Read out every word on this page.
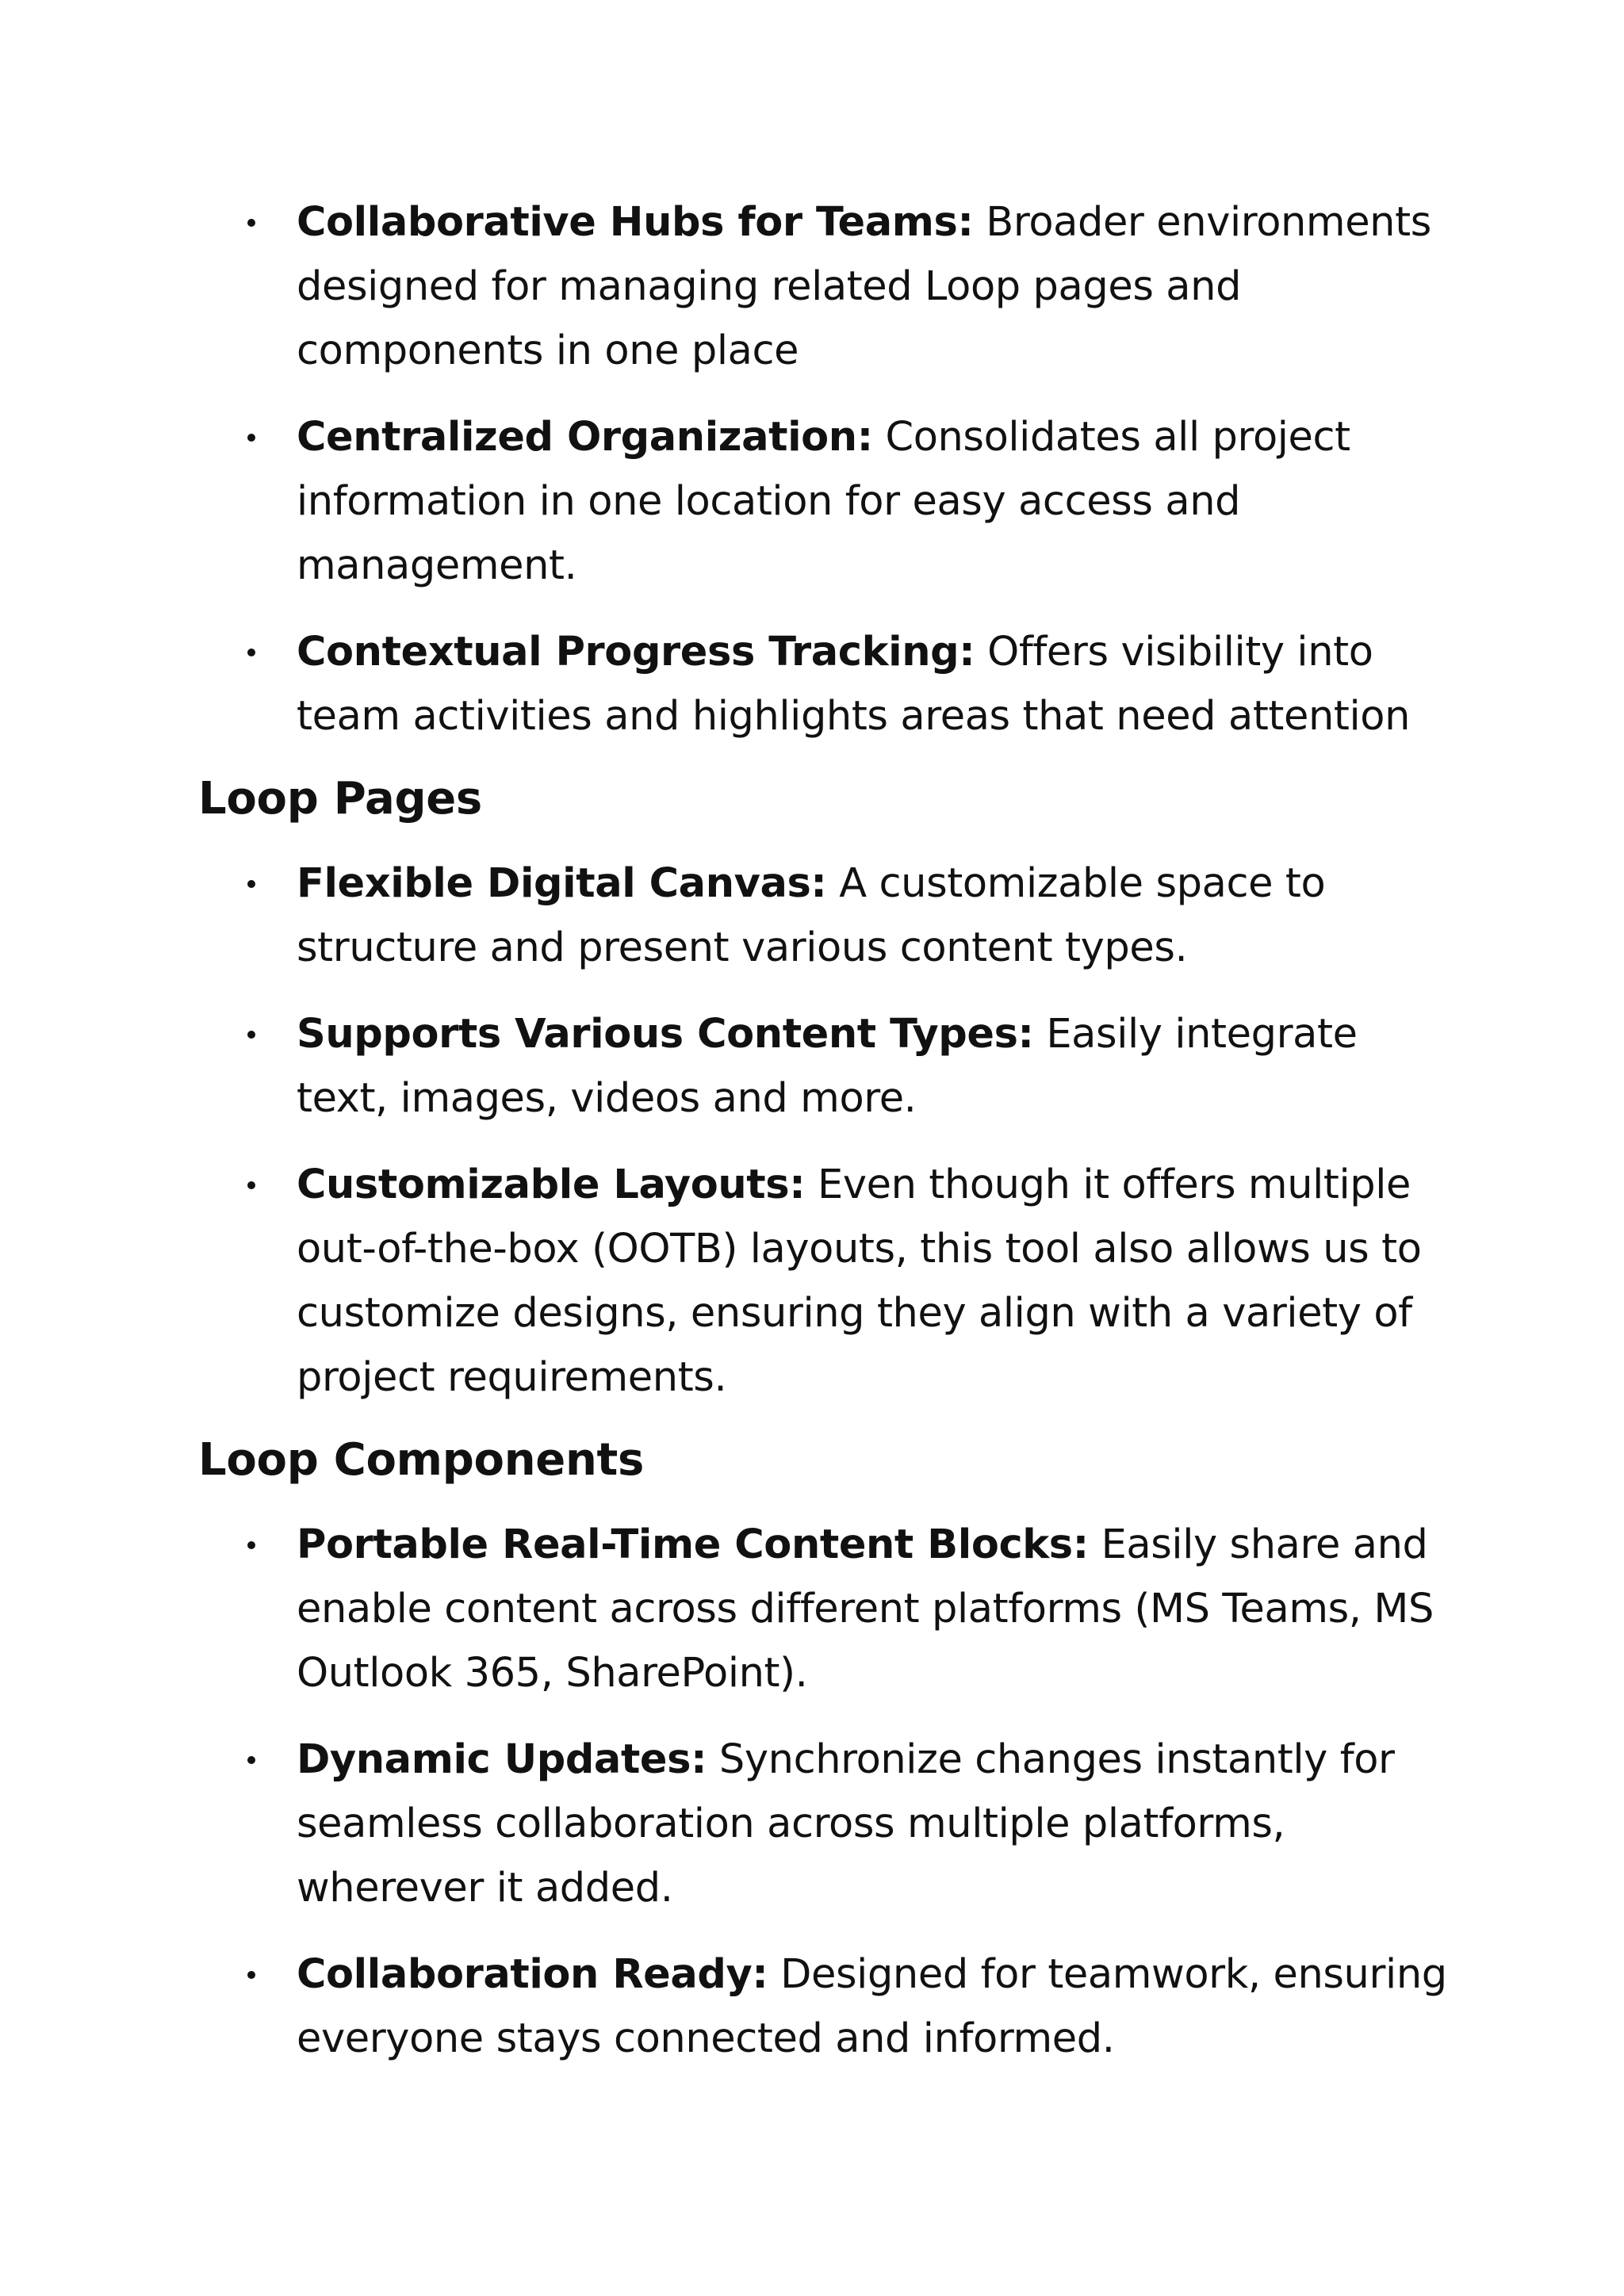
Collaborative Hubs for Teams: Broader environments designed for managing related Loop pages and components in one place
Centralized Organization: Consolidates all project information in one location for easy access and management.
Contextual Progress Tracking: Offers visibility into team activities and highlights areas that need attention
Loop Pages
Flexible Digital Canvas: A customizable space to structure and present various content types.
Supports Various Content Types: Easily integrate text, images, videos and more.
Customizable Layouts: Even though it offers multiple out-of-the-box (OOTB) layouts, this tool also allows us to customize designs, ensuring they align with a variety of project requirements.
Loop Components
Portable Real-Time Content Blocks: Easily share and enable content across different platforms (MS Teams, MS Outlook 365, SharePoint).
Dynamic Updates: Synchronize changes instantly for seamless collaboration across multiple platforms, wherever it added.
Collaboration Ready: Designed for teamwork, ensuring everyone stays connected and informed.
